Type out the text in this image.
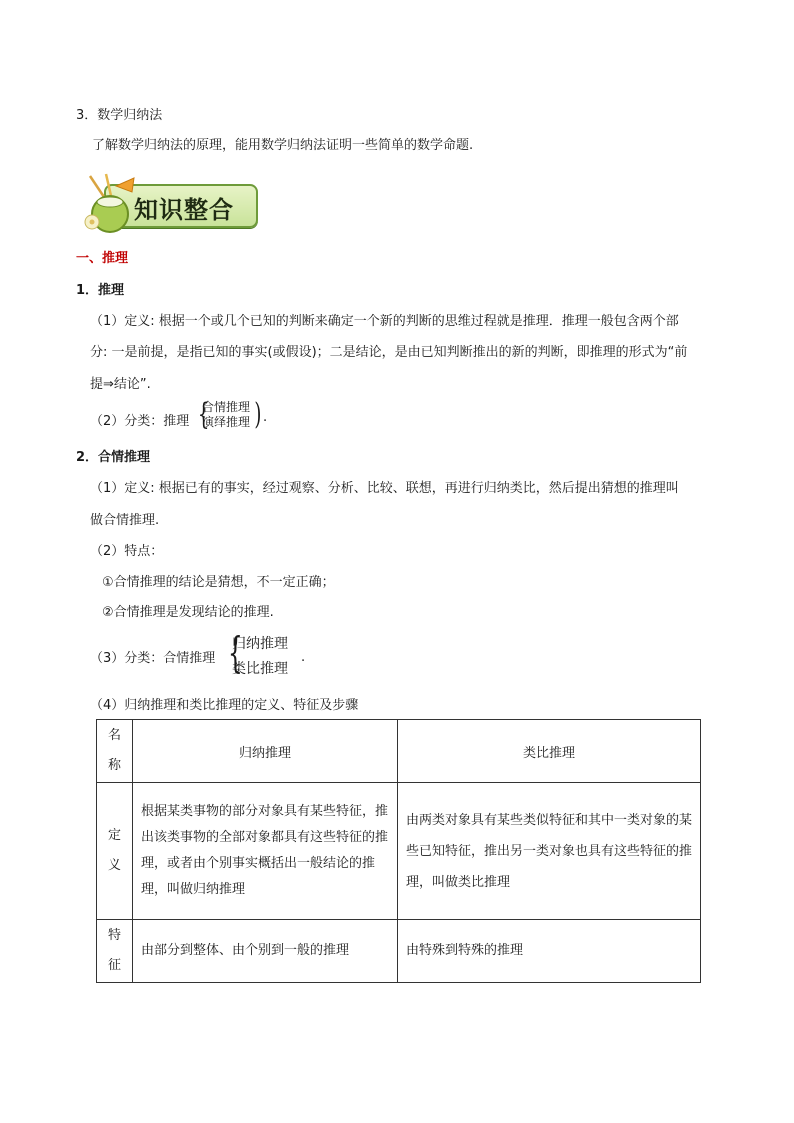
3．数学归纳法
了解数学归纳法的原理，能用数学归纳法证明一些简单的数学命题.
知识整合
一、推理
1．推理
（1）定义: 根据一个或几个已知的判断来确定一个新的判断的思维过程就是推理．推理一般包含两个部
分: 一是前提，是指已知的事实(或假设)；二是结论，是由已知判断推出的新的判断，即推理的形式为“前
提⇒结论”.
（2）分类：推理 {
合情推理
演绎推理 ) .
2．合情推理
（1）定义: 根据已有的事实，经过观察、分析、比较、联想，再进行归纳类比，然后提出猜想的推理叫
做合情推理.
（2）特点：
①合情推理的结论是猜想，不一定正确；
②合情推理是发现结论的推理.
（3）分类：合情推理 {
归纳推理
类比推理
.
（4）归纳推理和类比推理的定义、特征及步骤
名称	归纳推理	类比推理

定义	根据某类事物的部分对象具有某些特征，推出该类事物的全部对象都具有这些特征的推理，或者由个别事实概括出一般结论的推理，叫做归纳推理	由两类对象具有某些类似特征和其中一类对象的某些已知特征，推出另一类对象也具有这些特征的推理，叫做类比推理

特征	由部分到整体、由个别到一般的推理	由特殊到特殊的推理
